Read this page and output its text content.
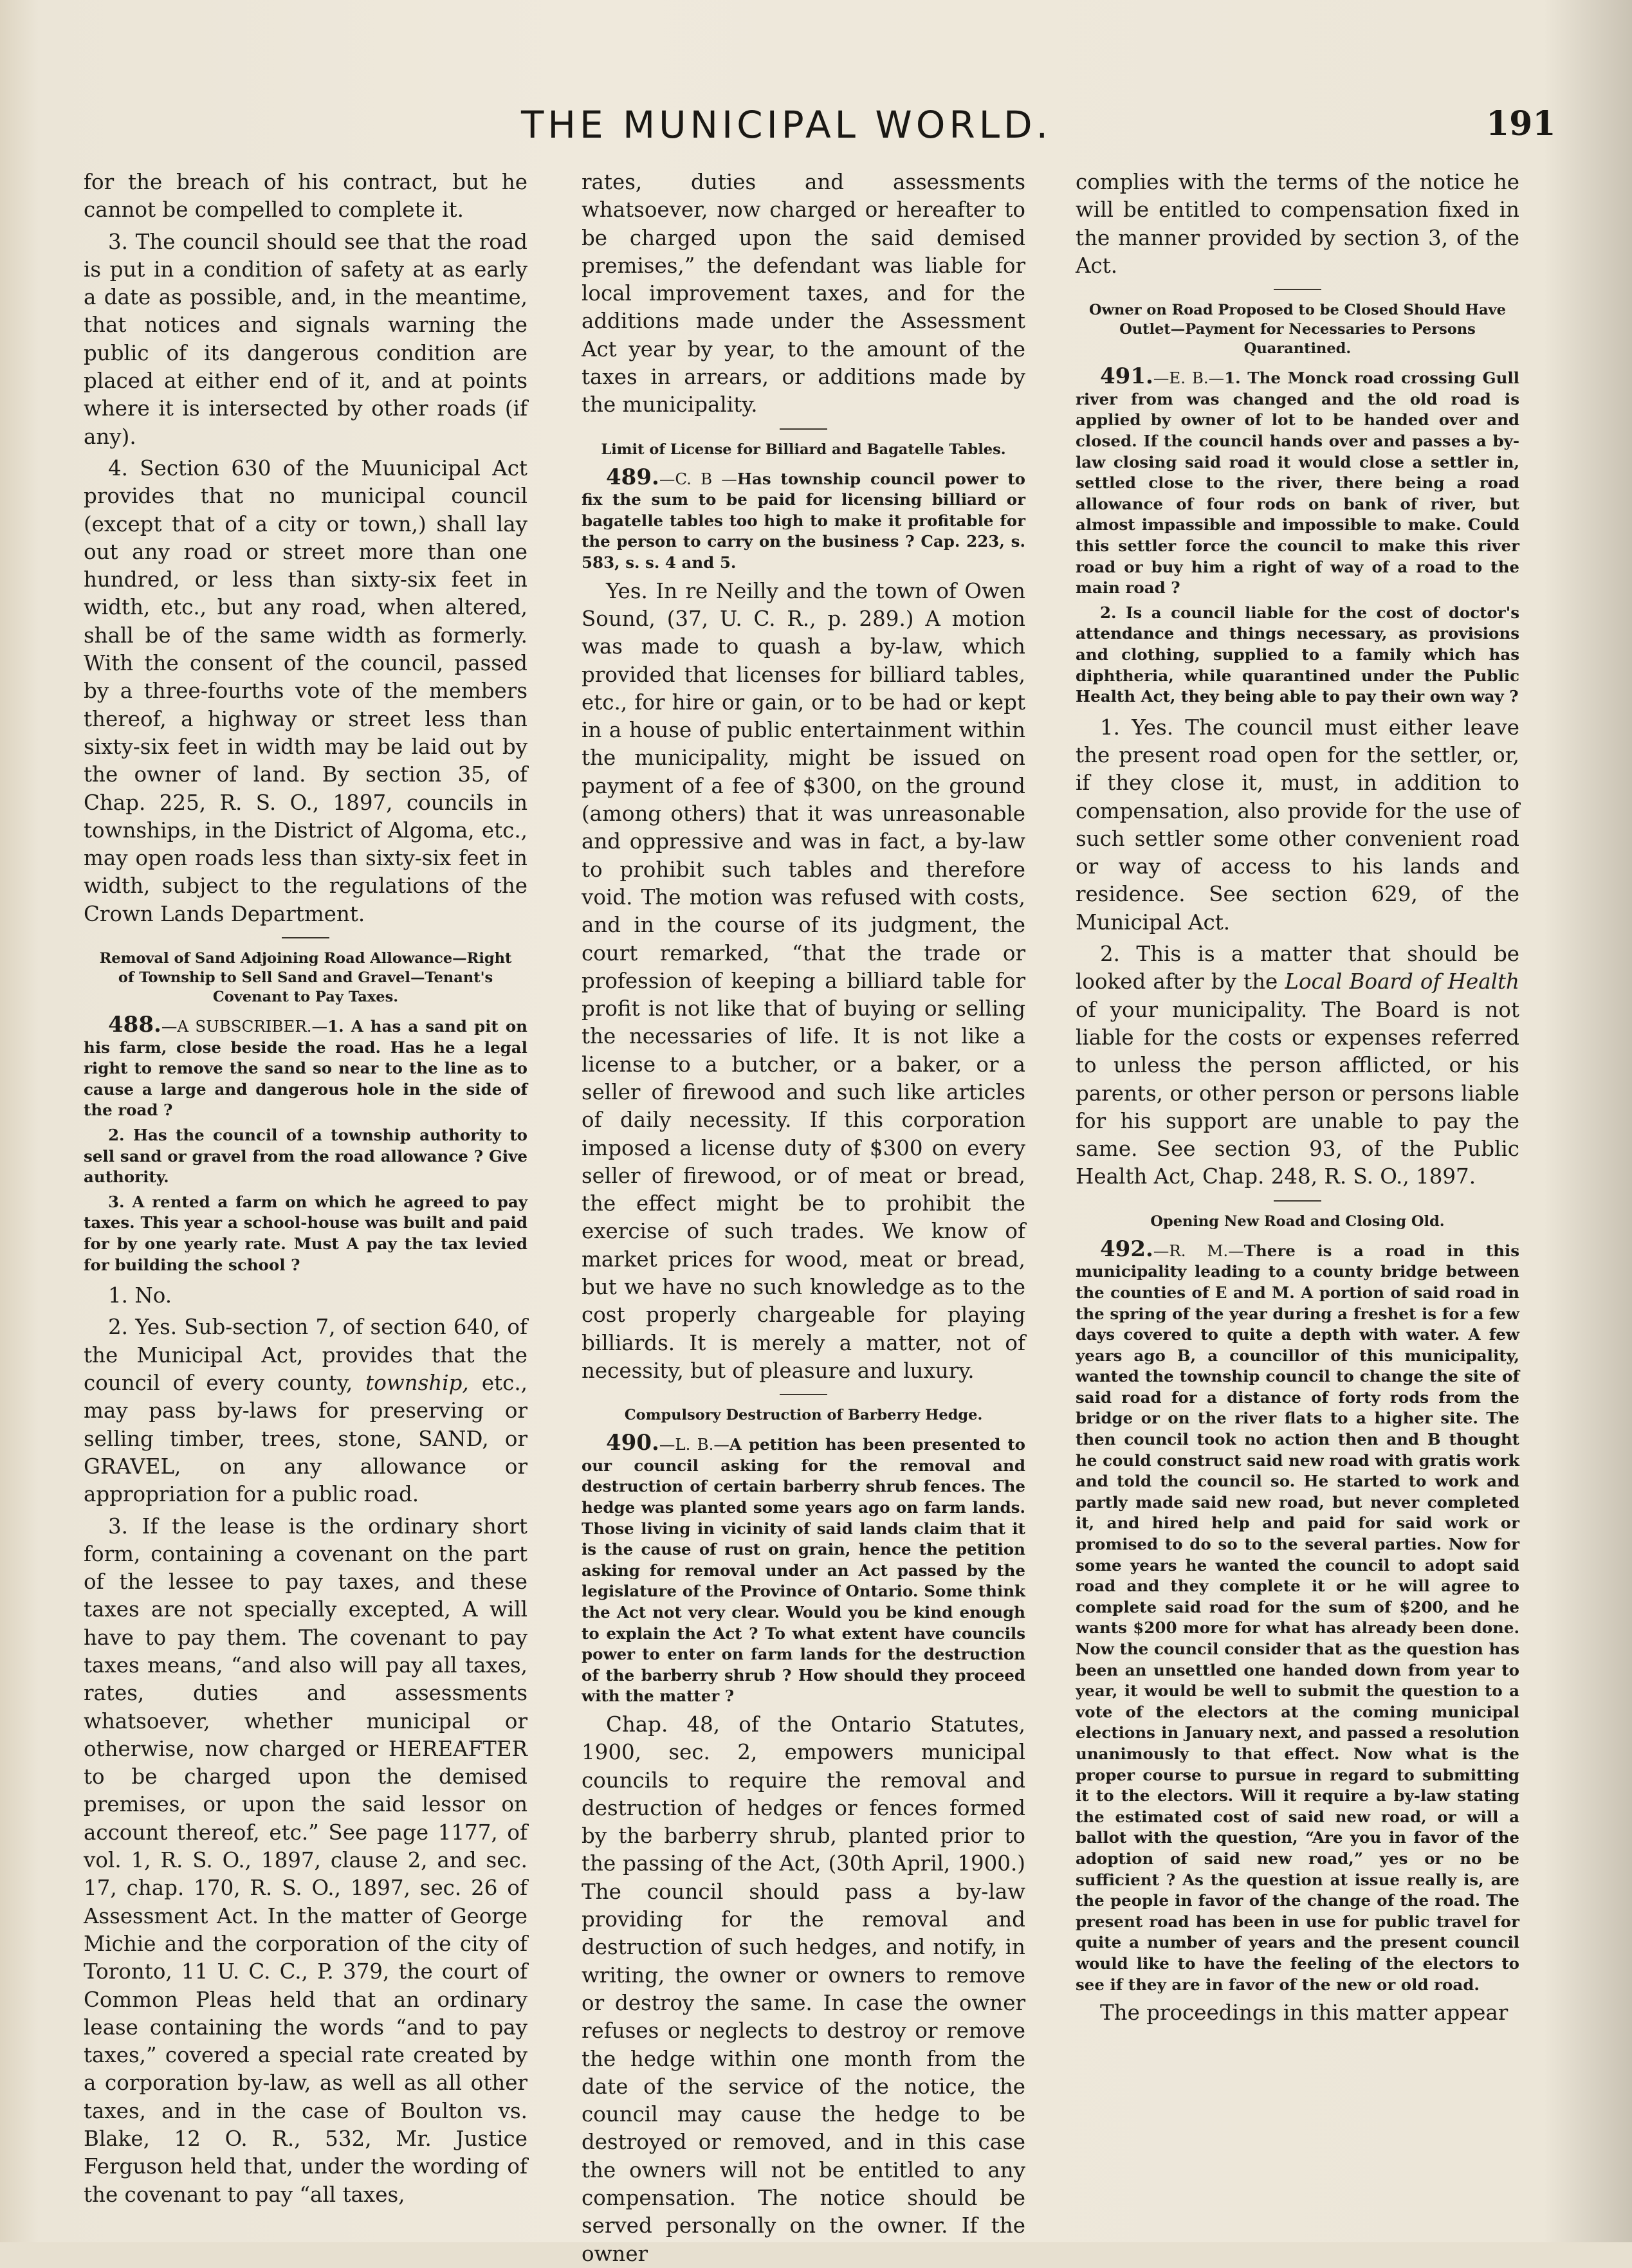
THE MUNICIPAL WORLD.	191

for the breach of his contract, but he cannot be compelled to complete it.

3. The council should see that the road is put in a condition of safety at as early a date as possible, and, in the meantime, that notices and signals warning the public of its dangerous condition are placed at either end of it, and at points where it is intersected by other roads (if any).

4. Section 630 of the Muunicipal Act provides that no municipal council (except that of a city or town,) shall lay out any road or street more than one hundred, or less than sixty-six feet in width, etc., but any road, when altered, shall be of the same width as formerly. With the consent of the council, passed by a three-fourths vote of the members thereof, a highway or street less than sixty-six feet in width may be laid out by the owner of land. By section 35, of Chap. 225, R. S. O., 1897, councils in townships, in the District of Algoma, etc., may open roads less than sixty-six feet in width, subject to the regulations of the Crown Lands Department.

Removal of Sand Adjoining Road Allowance—Right of Township to Sell Sand and Gravel—Tenant's Covenant to Pay Taxes.

488.—A SUBSCRIBER.—1. A has a sand pit on his farm, close beside the road. Has he a legal right to remove the sand so near to the line as to cause a large and dangerous hole in the side of the road ?

2. Has the council of a township authority to sell sand or gravel from the road allowance ? Give authority.

3. A rented a farm on which he agreed to pay taxes. This year a school-house was built and paid for by one yearly rate. Must A pay the tax levied for building the school ?

1. No.

2. Yes. Sub-section 7, of section 640, of the Municipal Act, provides that the council of every county, township, etc., may pass by-laws for preserving or selling timber, trees, stone, SAND, or GRAVEL, on any allowance or appropriation for a public road.

3. If the lease is the ordinary short form, containing a covenant on the part of the lessee to pay taxes, and these taxes are not specially excepted, A will have to pay them. The covenant to pay taxes means, “and also will pay all taxes, rates, duties and assessments whatsoever, whether municipal or otherwise, now charged or HEREAFTER to be charged upon the demised premises, or upon the said lessor on account thereof, etc.” See page 1177, of vol. 1, R. S. O., 1897, clause 2, and sec. 17, chap. 170, R. S. O., 1897, sec. 26 of Assessment Act. In the matter of George Michie and the corporation of the city of Toronto, 11 U. C. C., P. 379, the court of Common Pleas held that an ordinary lease containing the words “and to pay taxes,” covered a special rate created by a corporation by-law, as well as all other taxes, and in the case of Boulton vs. Blake, 12 O. R., 532, Mr. Justice Ferguson held that, under the wording of the covenant to pay “all taxes,

rates, duties and assessments whatsoever, now charged or hereafter to be charged upon the said demised premises,” the defendant was liable for local improvement taxes, and for the additions made under the Assessment Act year by year, to the amount of the taxes in arrears, or additions made by the municipality.

Limit of License for Billiard and Bagatelle Tables.

489.—C. B —Has township council power to fix the sum to be paid for licensing billiard or bagatelle tables too high to make it profitable for the person to carry on the business ? Cap. 223, s. 583, s. s. 4 and 5.

Yes. In re Neilly and the town of Owen Sound, (37, U. C. R., p. 289.) A motion was made to quash a by-law, which provided that licenses for billiard tables, etc., for hire or gain, or to be had or kept in a house of public entertainment within the municipality, might be issued on payment of a fee of $300, on the ground (among others) that it was unreasonable and oppressive and was in fact, a by-law to prohibit such tables and therefore void. The motion was refused with costs, and in the course of its judgment, the court remarked, “that the trade or profession of keeping a billiard table for profit is not like that of buying or selling the necessaries of life. It is not like a license to a butcher, or a baker, or a seller of firewood and such like articles of daily necessity. If this corporation imposed a license duty of $300 on every seller of firewood, or of meat or bread, the effect might be to prohibit the exercise of such trades. We know of market prices for wood, meat or bread, but we have no such knowledge as to the cost properly chargeable for playing billiards. It is merely a matter, not of necessity, but of pleasure and luxury.

Compulsory Destruction of Barberry Hedge.

490.—L. B.—A petition has been presented to our council asking for the removal and destruction of certain barberry shrub fences. The hedge was planted some years ago on farm lands. Those living in vicinity of said lands claim that it is the cause of rust on grain, hence the petition asking for removal under an Act passed by the legislature of the Province of Ontario. Some think the Act not very clear. Would you be kind enough to explain the Act ? To what extent have councils power to enter on farm lands for the destruction of the barberry shrub ? How should they proceed with the matter ?

Chap. 48, of the Ontario Statutes, 1900, sec. 2, empowers municipal councils to require the removal and destruction of hedges or fences formed by the barberry shrub, planted prior to the passing of the Act, (30th April, 1900.) The council should pass a by-law providing for the removal and destruction of such hedges, and notify, in writing, the owner or owners to remove or destroy the same. In case the owner refuses or neglects to destroy or remove the hedge within one month from the date of the service of the notice, the council may cause the hedge to be destroyed or removed, and in this case the owners will not be entitled to any compensation. The notice should be served personally on the owner. If the owner

complies with the terms of the notice he will be entitled to compensation fixed in the manner provided by section 3, of the Act.

Owner on Road Proposed to be Closed Should Have Outlet—Payment for Necessaries to Persons Quarantined.

491.—E. B.—1. The Monck road crossing Gull river from was changed and the old road is applied by owner of lot to be handed over and closed. If the council hands over and passes a by-law closing said road it would close a settler in, settled close to the river, there being a road allowance of four rods on bank of river, but almost impassible and impossible to make. Could this settler force the council to make this river road or buy him a right of way of a road to the main road ?

2. Is a council liable for the cost of doctor's attendance and things necessary, as provisions and clothing, supplied to a family which has diphtheria, while quarantined under the Public Health Act, they being able to pay their own way ?

1. Yes. The council must either leave the present road open for the settler, or, if they close it, must, in addition to compensation, also provide for the use of such settler some other convenient road or way of access to his lands and residence. See section 629, of the Municipal Act.

2. This is a matter that should be looked after by the Local Board of Health of your municipality. The Board is not liable for the costs or expenses referred to unless the person afflicted, or his parents, or other person or persons liable for his support are unable to pay the same. See section 93, of the Public Health Act, Chap. 248, R. S. O., 1897.

Opening New Road and Closing Old.

492.—R. M.—There is a road in this municipality leading to a county bridge between the counties of E and M. A portion of said road in the spring of the year during a freshet is for a few days covered to quite a depth with water. A few years ago B, a councillor of this municipality, wanted the township council to change the site of said road for a distance of forty rods from the bridge or on the river flats to a higher site. The then council took no action then and B thought he could construct said new road with gratis work and told the council so. He started to work and partly made said new road, but never completed it, and hired help and paid for said work or promised to do so to the several parties. Now for some years he wanted the council to adopt said road and they complete it or he will agree to complete said road for the sum of $200, and he wants $200 more for what has already been done. Now the council consider that as the question has been an unsettled one handed down from year to year, it would be well to submit the question to a vote of the electors at the coming municipal elections in January next, and passed a resolution unanimously to that effect. Now what is the proper course to pursue in regard to submitting it to the electors. Will it require a by-law stating the estimated cost of said new road, or will a ballot with the question, “Are you in favor of the adoption of said new road,” yes or no be sufficient ? As the question at issue really is, are the people in favor of the change of the road. The present road has been in use for public travel for quite a number of years and the present council would like to have the feeling of the electors to see if they are in favor of the new or old road.

The proceedings in this matter appear
